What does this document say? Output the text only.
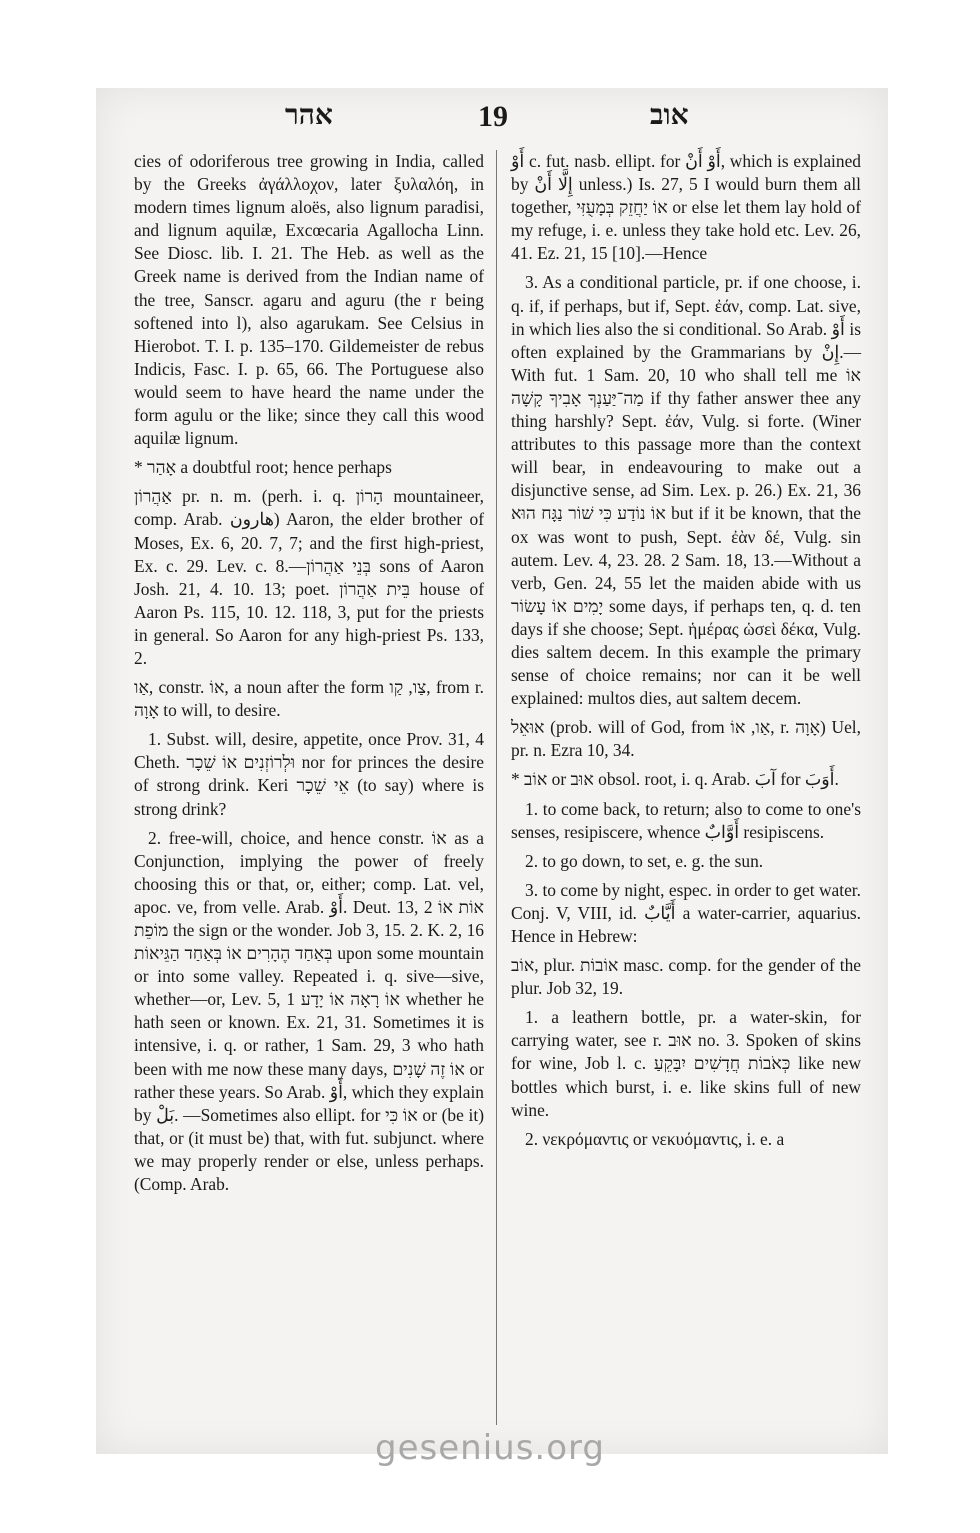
אהר	19	אוב

cies of odoriferous tree growing in India, called by the Greeks ἀγάλλοχον, later ξυλαλόη, in modern times lignum aloës, also lignum paradisi, and lignum aquilæ, Excœcaria Agallocha Linn. See Diosc. lib. I. 21. The Heb. as well as the Greek name is derived from the Indian name of the tree, Sanscr. agaru and aguru (the r being softened into l), also agarukam. See Celsius in Hierobot. T. I. p. 135–170. Gildemeister de rebus Indicis, Fasc. I. p. 65, 66. The Portuguese also would seem to have heard the name under the form agulu or the like; since they call this wood aquilæ lignum.

* אָהַר a doubtful root; hence perhaps

אַהֲרוֹן pr. n. m. (perh. i. q. הָרוֹן mountaineer, comp. Arab. هارون) Aaron, the elder brother of Moses, Ex. 6, 20. 7, 7; and the first high-priest, Ex. c. 29. Lev. c. 8.—בְּנֵי אַהֲרוֹן sons of Aaron Josh. 21, 4. 10. 13; poet. בֵּית אַהֲרוֹן house of Aaron Ps. 115, 10. 12. 118, 3, put for the priests in general. So Aaron for any high-priest Ps. 133, 2.

אַו, constr. אוֹ, a noun after the form צַו, קַו, from r. אָוָה to will, to desire.

1. Subst. will, desire, appetite, once Prov. 31, 4 Cheth. וּלְרוֹזְנִים אוֹ שֵׁכָר nor for princes the desire of strong drink. Keri אֵי שֵׁכָר (to say) where is strong drink?

2. free-will, choice, and hence constr. אוֹ as a Conjunction, implying the power of freely choosing this or that, or, either; comp. Lat. vel, apoc. ve, from velle. Arab. أَوْ. Deut. 13, 2 אוֹת אוֹ מוֹפֵת the sign or the wonder. Job 3, 15. 2. K. 2, 16 בְּאַחַד הֶהָרִים אוֹ בְּאַחַד הַגֵּיאוֹת upon some mountain or into some valley. Repeated i. q. sive—sive, whether—or, Lev. 5, 1 אוֹ רָאָה אוֹ יָדָע whether he hath seen or known. Ex. 21, 31. Sometimes it is intensive, i. q. or rather, 1 Sam. 29, 3 who hath been with me now these many days, אוֹ זֶה שָׁנִים or rather these years. So Arab. أَوْ, which they explain by بَلْ. —Sometimes also ellipt. for אוֹ כִּי or (be it) that, or (it must be) that, with fut. subjunct. where we may properly render or else, unless perhaps. (Comp. Arab.

أَوْ c. fut. nasb. ellipt. for أَوْ أَنْ, which is explained by إِلَّا أَنْ unless.) Is. 27, 5 I would burn them all together, אוֹ יַחֲזֵק בְּמָעֻזִּי or else let them lay hold of my refuge, i. e. unless they take hold etc. Lev. 26, 41. Ez. 21, 15 [10].—Hence

3. As a conditional particle, pr. if one choose, i. q. if, if perhaps, but if, Sept. ἐάν, comp. Lat. sive, in which lies also the si conditional. So Arab. أَوْ is often explained by the Grammarians by إِنْ.—With fut. 1 Sam. 20, 10 who shall tell me אוֹ מַה־יַּעַנְךָ אָבִיךָ קָשָׁה if thy father answer thee any thing harshly? Sept. ἐάν, Vulg. si forte. (Winer attributes to this passage more than the context will bear, in endeavouring to make out a disjunctive sense, ad Sim. Lex. p. 26.) Ex. 21, 36 אוֹ נוֹדַע כִּי שׁוֹר נַגָּח הוּא but if it be known, that the ox was wont to push, Sept. ἐὰν δέ, Vulg. sin autem. Lev. 4, 23. 28. 2 Sam. 18, 13.—Without a verb, Gen. 24, 55 let the maiden abide with us יָמִים אוֹ עָשׂוֹר some days, if perhaps ten, q. d. ten days if she choose; Sept. ἡμέρας ὡσεὶ δέκα, Vulg. dies saltem decem. In this example the primary sense of choice remains; nor can it be well explained: multos dies, aut saltem decem.

אוּאֵל (prob. will of God, from אַו, אוֹ, r. אָוָה) Uel, pr. n. Ezra 10, 34.

* אוֹב or אוּב obsol. root, i. q. Arab. آبَ for أَوَبَ.

1. to come back, to return; also to come to one's senses, resipiscere, whence أَوَّابٌ resipiscens.

2. to go down, to set, e. g. the sun.

3. to come by night, espec. in order to get water. Conj. V, VIII, id. أَيَّابٌ a water-carrier, aquarius. Hence in Hebrew:

אוֹב, plur. אוֹבוֹת masc. comp. for the gender of the plur. Job 32, 19.

1. a leathern bottle, pr. a water-skin, for carrying water, see r. אוּב no. 3. Spoken of skins for wine, Job l. c. כְּאֹבוֹת חֲדָשִׁים יִבָּקֵעַ like new bottles which burst, i. e. like skins full of new wine.

2. νεκρόμαντις or νεκυόμαντις, i. e. a

gesenius.org
